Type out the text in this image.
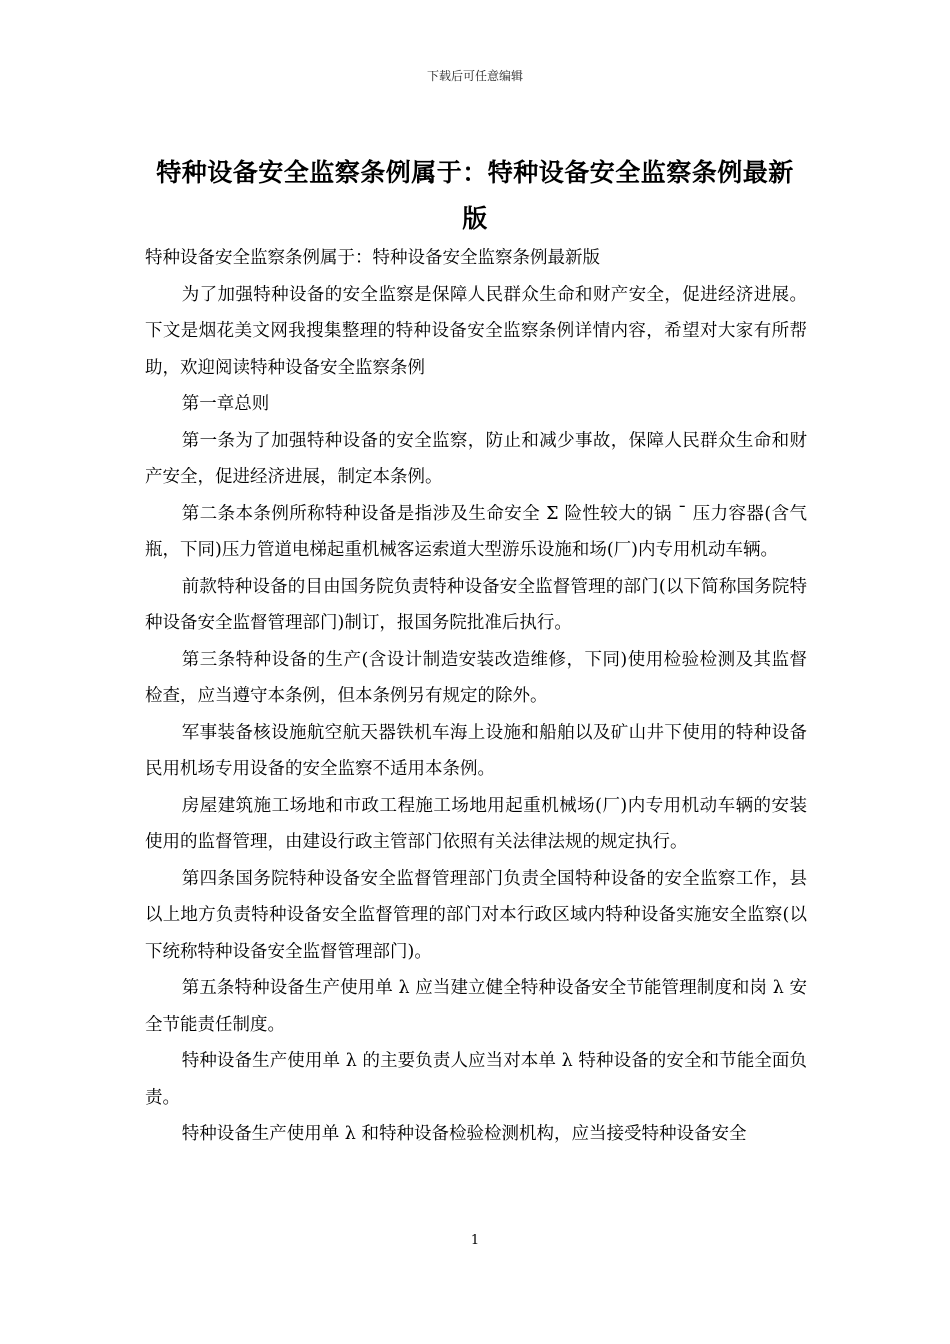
下载后可任意编辑
特种设备安全监察条例属于：特种设备安全监察条例最新版

特种设备安全监察条例属于：特种设备安全监察条例最新版

为了加强特种设备的安全监察是保障人民群众生命和财产安全，促进经济进展。下文是烟花美文网我搜集整理的特种设备安全监察条例详情内容，希望对大家有所帮助，欢迎阅读特种设备安全监察条例

第一章总则

第一条为了加强特种设备的安全监察，防止和减少事故，保障人民群众生命和财产安全，促进经济进展，制定本条例。

第二条本条例所称特种设备是指涉及生命安全 Σ 险性较大的锅 ¯ 压力容器(含气瓶，下同)压力管道电梯起重机械客运索道大型游乐设施和场(厂)内专用机动车辆。

前款特种设备的目由国务院负责特种设备安全监督管理的部门(以下简称国务院特种设备安全监督管理部门)制订，报国务院批准后执行。

第三条特种设备的生产(含设计制造安装改造维修，下同)使用检验检测及其监督检查，应当遵守本条例，但本条例另有规定的除外。

军事装备核设施航空航天器铁机车海上设施和船舶以及矿山井下使用的特种设备民用机场专用设备的安全监察不适用本条例。

房屋建筑施工场地和市政工程施工场地用起重机械场(厂)内专用机动车辆的安装使用的监督管理，由建设行政主管部门依照有关法律法规的规定执行。

第四条国务院特种设备安全监督管理部门负责全国特种设备的安全监察工作，县以上地方负责特种设备安全监督管理的部门对本行政区域内特种设备实施安全监察(以下统称特种设备安全监督管理部门)。

第五条特种设备生产使用单 λ 应当建立健全特种设备安全节能管理制度和岗 λ 安全节能责任制度。

特种设备生产使用单 λ 的主要负责人应当对本单 λ 特种设备的安全和节能全面负责。

特种设备生产使用单 λ 和特种设备检验检测机构，应当接受特种设备安全

1
